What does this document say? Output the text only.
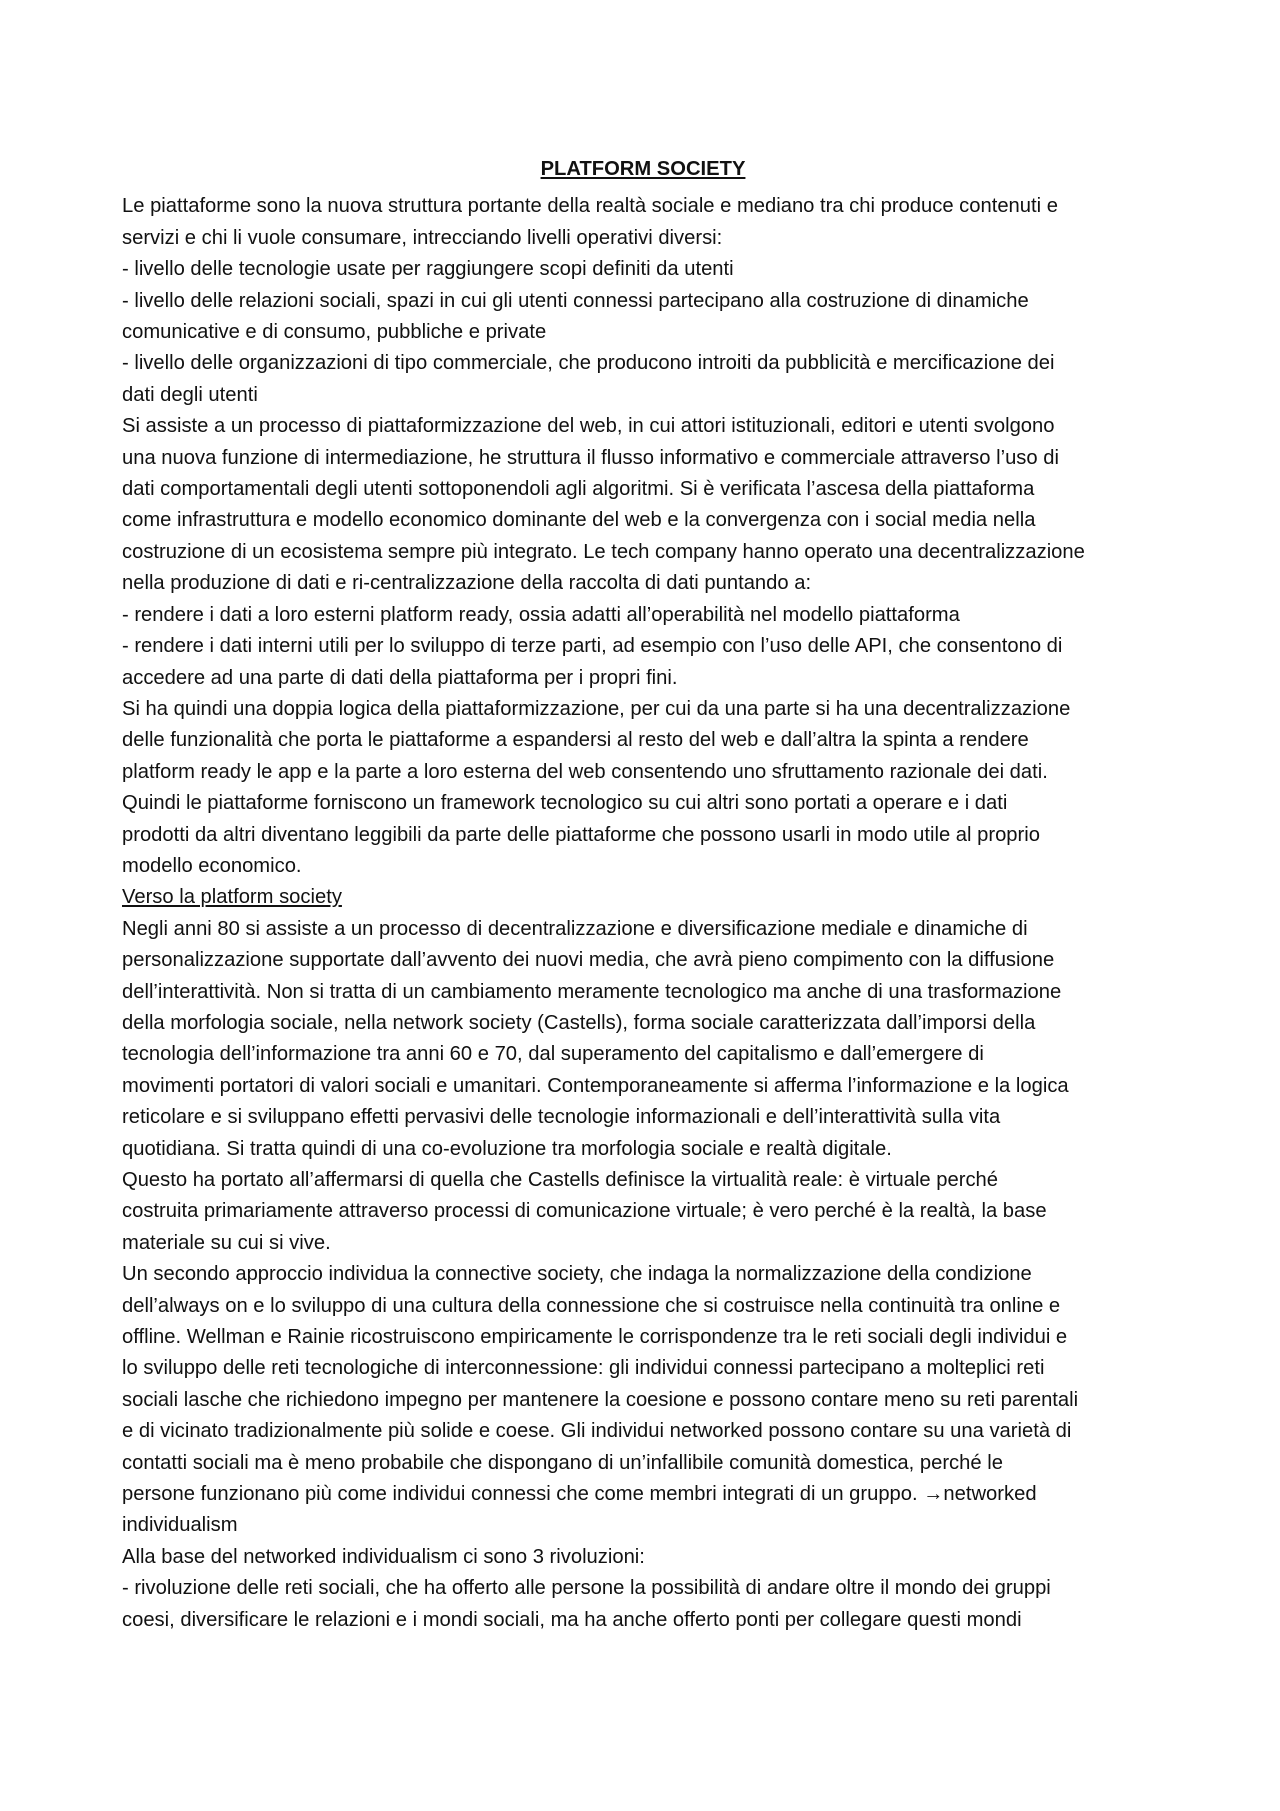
PLATFORM SOCIETY
Le piattaforme sono la nuova struttura portante della realtà sociale e mediano tra chi produce contenuti e
servizi e chi li vuole consumare, intrecciando livelli operativi diversi:
- livello delle tecnologie usate per raggiungere scopi definiti da utenti
- livello delle relazioni sociali, spazi in cui gli utenti connessi partecipano alla costruzione di dinamiche
comunicative e di consumo, pubbliche e private
- livello delle organizzazioni di tipo commerciale, che producono introiti da pubblicità e mercificazione dei
dati degli utenti
Si assiste a un processo di piattaformizzazione del web, in cui attori istituzionali, editori e utenti svolgono
una nuova funzione di intermediazione, he struttura il flusso informativo e commerciale attraverso l’uso di
dati comportamentali degli utenti sottoponendoli agli algoritmi. Si è verificata l’ascesa della piattaforma
come infrastruttura e modello economico dominante del web e la convergenza con i social media nella
costruzione di un ecosistema sempre più integrato. Le tech company hanno operato una decentralizzazione
nella produzione di dati e ri-centralizzazione della raccolta di dati puntando a:
- rendere i dati a loro esterni platform ready, ossia adatti all’operabilità nel modello piattaforma
- rendere i dati interni utili per lo sviluppo di terze parti, ad esempio con l’uso delle API, che consentono di
accedere ad una parte di dati della piattaforma per i propri fini.
Si ha quindi una doppia logica della piattaformizzazione, per cui da una parte si ha una decentralizzazione
delle funzionalità che porta le piattaforme a espandersi al resto del web e dall’altra la spinta a rendere
platform ready le app e la parte a loro esterna del web consentendo uno sfruttamento razionale dei dati.
Quindi le piattaforme forniscono un framework tecnologico su cui altri sono portati a operare e i dati
prodotti da altri diventano leggibili da parte delle piattaforme che possono usarli in modo utile al proprio
modello economico.
Verso la platform society
Negli anni 80 si assiste a un processo di decentralizzazione e diversificazione mediale e dinamiche di
personalizzazione supportate dall’avvento dei nuovi media, che avrà pieno compimento con la diffusione
dell’interattività. Non si tratta di un cambiamento meramente tecnologico ma anche di una trasformazione
della morfologia sociale, nella network society (Castells), forma sociale caratterizzata dall’imporsi della
tecnologia dell’informazione tra anni 60 e 70, dal superamento del capitalismo e dall’emergere di
movimenti portatori di valori sociali e umanitari. Contemporaneamente si afferma l’informazione e la logica
reticolare e si sviluppano effetti pervasivi delle tecnologie informazionali e dell’interattività sulla vita
quotidiana. Si tratta quindi di una co-evoluzione tra morfologia sociale e realtà digitale.
Questo ha portato all’affermarsi di quella che Castells definisce la virtualità reale: è virtuale perché
costruita primariamente attraverso processi di comunicazione virtuale; è vero perché è la realtà, la base
materiale su cui si vive.
Un secondo approccio individua la connective society, che indaga la normalizzazione della condizione
dell’always on e lo sviluppo di una cultura della connessione che si costruisce nella continuità tra online e
offline. Wellman e Rainie ricostruiscono empiricamente le corrispondenze tra le reti sociali degli individui e
lo sviluppo delle reti tecnologiche di interconnessione: gli individui connessi partecipano a molteplici reti
sociali lasche che richiedono impegno per mantenere la coesione e possono contare meno su reti parentali
e di vicinato tradizionalmente più solide e coese. Gli individui networked possono contare su una varietà di
contatti sociali ma è meno probabile che dispongano di un’infallibile comunità domestica, perché le
persone funzionano più come individui connessi che come membri integrati di un gruppo. →networked
individualism
Alla base del networked individualism ci sono 3 rivoluzioni:
- rivoluzione delle reti sociali, che ha offerto alle persone la possibilità di andare oltre il mondo dei gruppi
coesi, diversificare le relazioni e i mondi sociali, ma ha anche offerto ponti per collegare questi mondi
